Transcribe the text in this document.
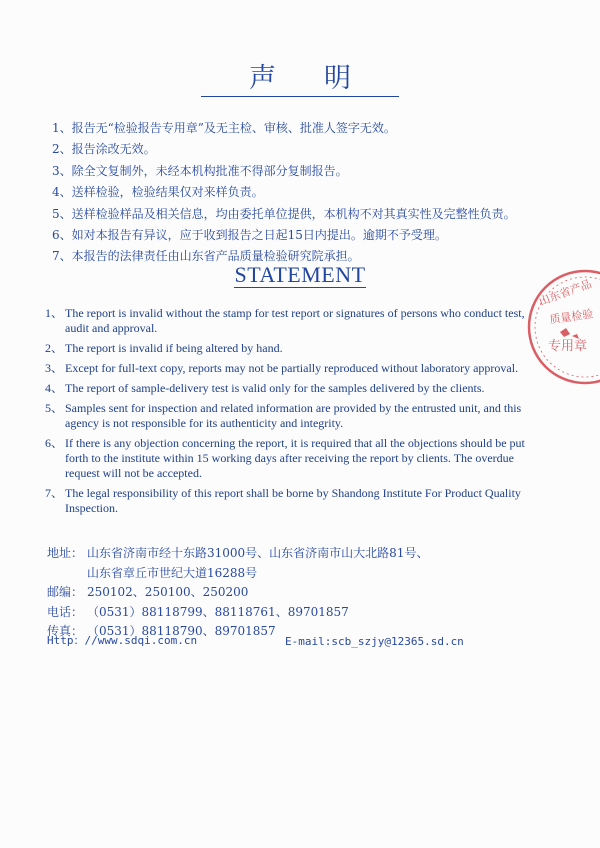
声明
1、报告无“检验报告专用章”及无主检、审核、批准人签字无效。
2、报告涂改无效。
3、除全文复制外，未经本机构批准不得部分复制报告。
4、送样检验，检验结果仅对来样负责。
5、送样检验样品及相关信息，均由委托单位提供，本机构不对其真实性及完整性负责。
6、如对本报告有异议，应于收到报告之日起15日内提出。逾期不予受理。
7、本报告的法律责任由山东省产品质量检验研究院承担。
STATEMENT
1、 The report is invalid without the stamp for test report or signatures of persons who conduct test, audit and approval.
2、 The report is invalid if being altered by hand.
3、 Except for full-text copy, reports may not be partially reproduced without laboratory approval.
4、 The report of sample-delivery test is valid only for the samples delivered by the clients.
5、 Samples sent for inspection and related information are provided by the entrusted unit, and this agency is not responsible for its authenticity and integrity.
6、 If there is any objection concerning the report, it is required that all the objections should be put forth to the institute within 15 working days after receiving the report by clients. The overdue request will not be accepted.
7、 The legal responsibility of this report shall be borne by Shandong Institute For Product Quality Inspection.
地址： 山东省济南市经十东路31000号、山东省济南市山大北路81号、
山东省章丘市世纪大道16288号
邮编： 250102、250100、250200
电话： （0531）88118799、88118761、89701857
传真： （0531）88118790、89701857
Http：//www.sdqi.com.cn	E-mail:scb_szjy@12365.sd.cn
山东省产品
质量检验
专用章
